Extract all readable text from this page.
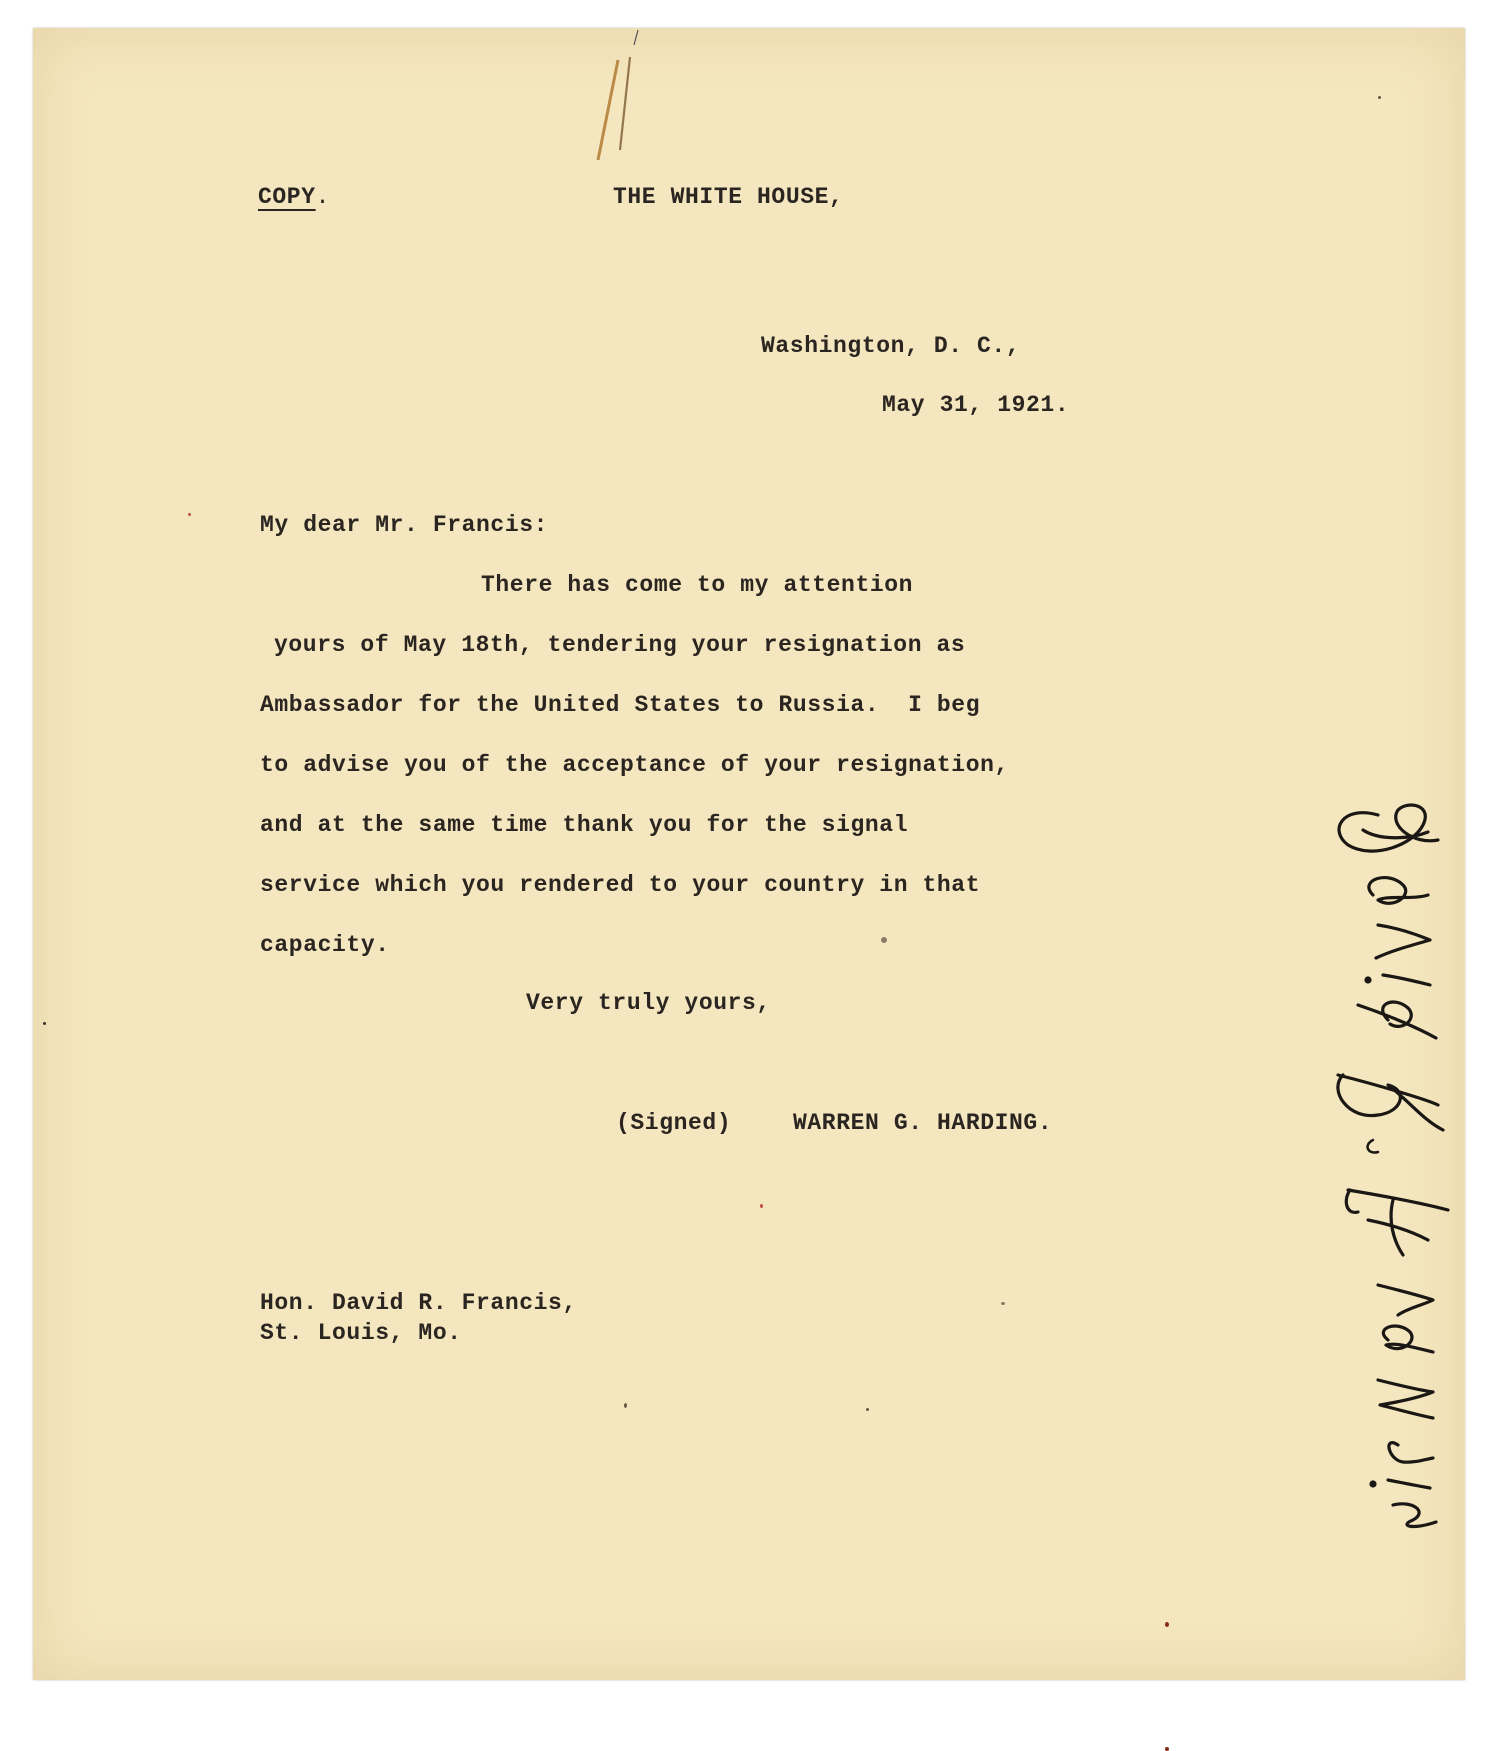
COPY.	THE WHITE HOUSE,
Washington, D. C.,
May 31, 1921.
My dear Mr. Francis:
There has come to my attention
yours of May 18th, tendering your resignation as
Ambassador for the United States to Russia.  I beg
to advise you of the acceptance of your resignation,
and at the same time thank you for the signal
service which you rendered to your country in that
capacity.
Very truly yours,
(Signed)	WARREN G. HARDING.
Hon. David R. Francis,
St. Louis, Mo.
